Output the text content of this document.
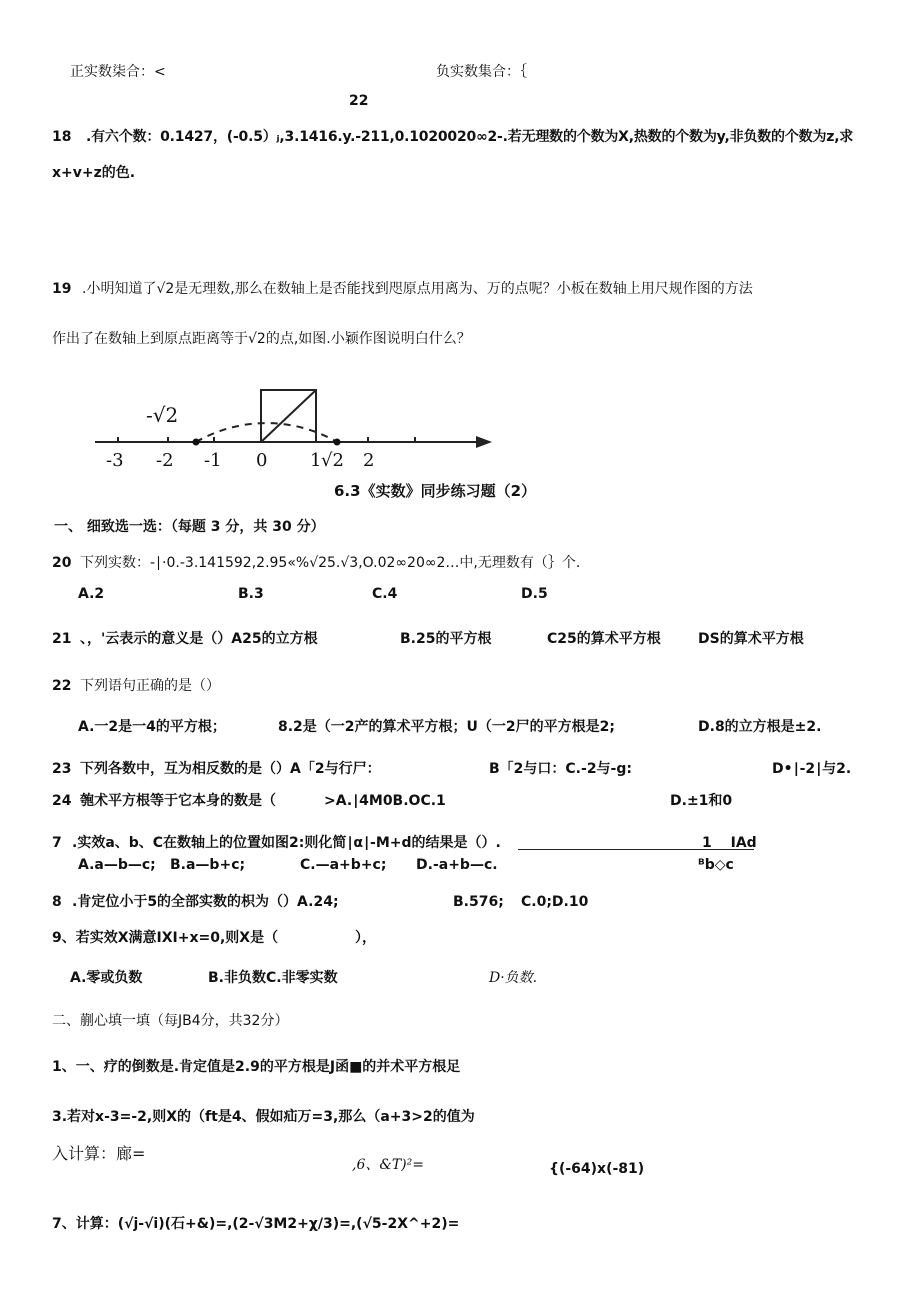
正实数柒合：<	负实数集合：｛
22
18 .有六个数：0.1427，(-0.5）ⱼ,3.1416.y.-211,0.1020020∞2-.若无理数的个数为X,热数的个数为y,非负数的个数为z,求
x+v+z的色.
19 .小明知道了√2是无理数,那么在数轴上是否能找到咫原点用离为、万的点呢？小板在数轴上用尺规作图的方法
作出了在数轴上到原点距离等于√2的点,如图.小颖作图说明白什么？
-√2
-3 -2 -1 0 1 √2 2
6.3《实数》同步练习题（2）
一、 细致选一选：（每题 3 分，共 30 分）
20 下列实数：-∣·0.-3.141592,2.95«%√25.√3,O.02∞20∞2…中,无理数有（｝个.
A.2	B.3	C.4	D.5
21 、，'云表示的意义是（）A25的立方根	B.25的平方根	C25的算术平方根	DS的算术平方根
22 下列语句正确的是（）
A.一2是一4的平方根；	8.2是（一2产的算术平方根；U（一2尸的平方根是2;	D.8的立方根是±2.
23 下列各数中，互为相反数的是（）A「2与行尸：	B「2与口：C.-2与-g:	D•∣-2∣与2.
24 匏术平方根等于它本身的数是（	>A.∣4M0B.OC.1	D.±1和0
7 .实效a、b、C在数轴上的位置如图2:则化简∣α∣-M+d的结果是（）.	1　 IAd
A.a—b—c; B.a—b+c;	C.—a+b+c; D.-a+b—c.	ᴮb◇c
8 .肯定位小于5的全部实数的枳为（）A.24;	B.576; C.0;D.10
9、若实效X满意IXI+x=0,则X是（	），
A.零或负数	B.非负数C.非零实数	D·负数.
二、蒯心填一填（每JB4分，共32分）
1、一、疗的倒数是.肯定值是2.9的平方根是J函■的并术平方根足
3.若对x-3=-2,则X的（ft是4、假如疝万=3,那么（a+3>2的值为
入计算：廊=
,6、&T)²=	{(-64)x(-81)
7、计算：(√j-√i)(石+&)=,(2-√3M2+χ/3)=,(√5-2X^+2)=
